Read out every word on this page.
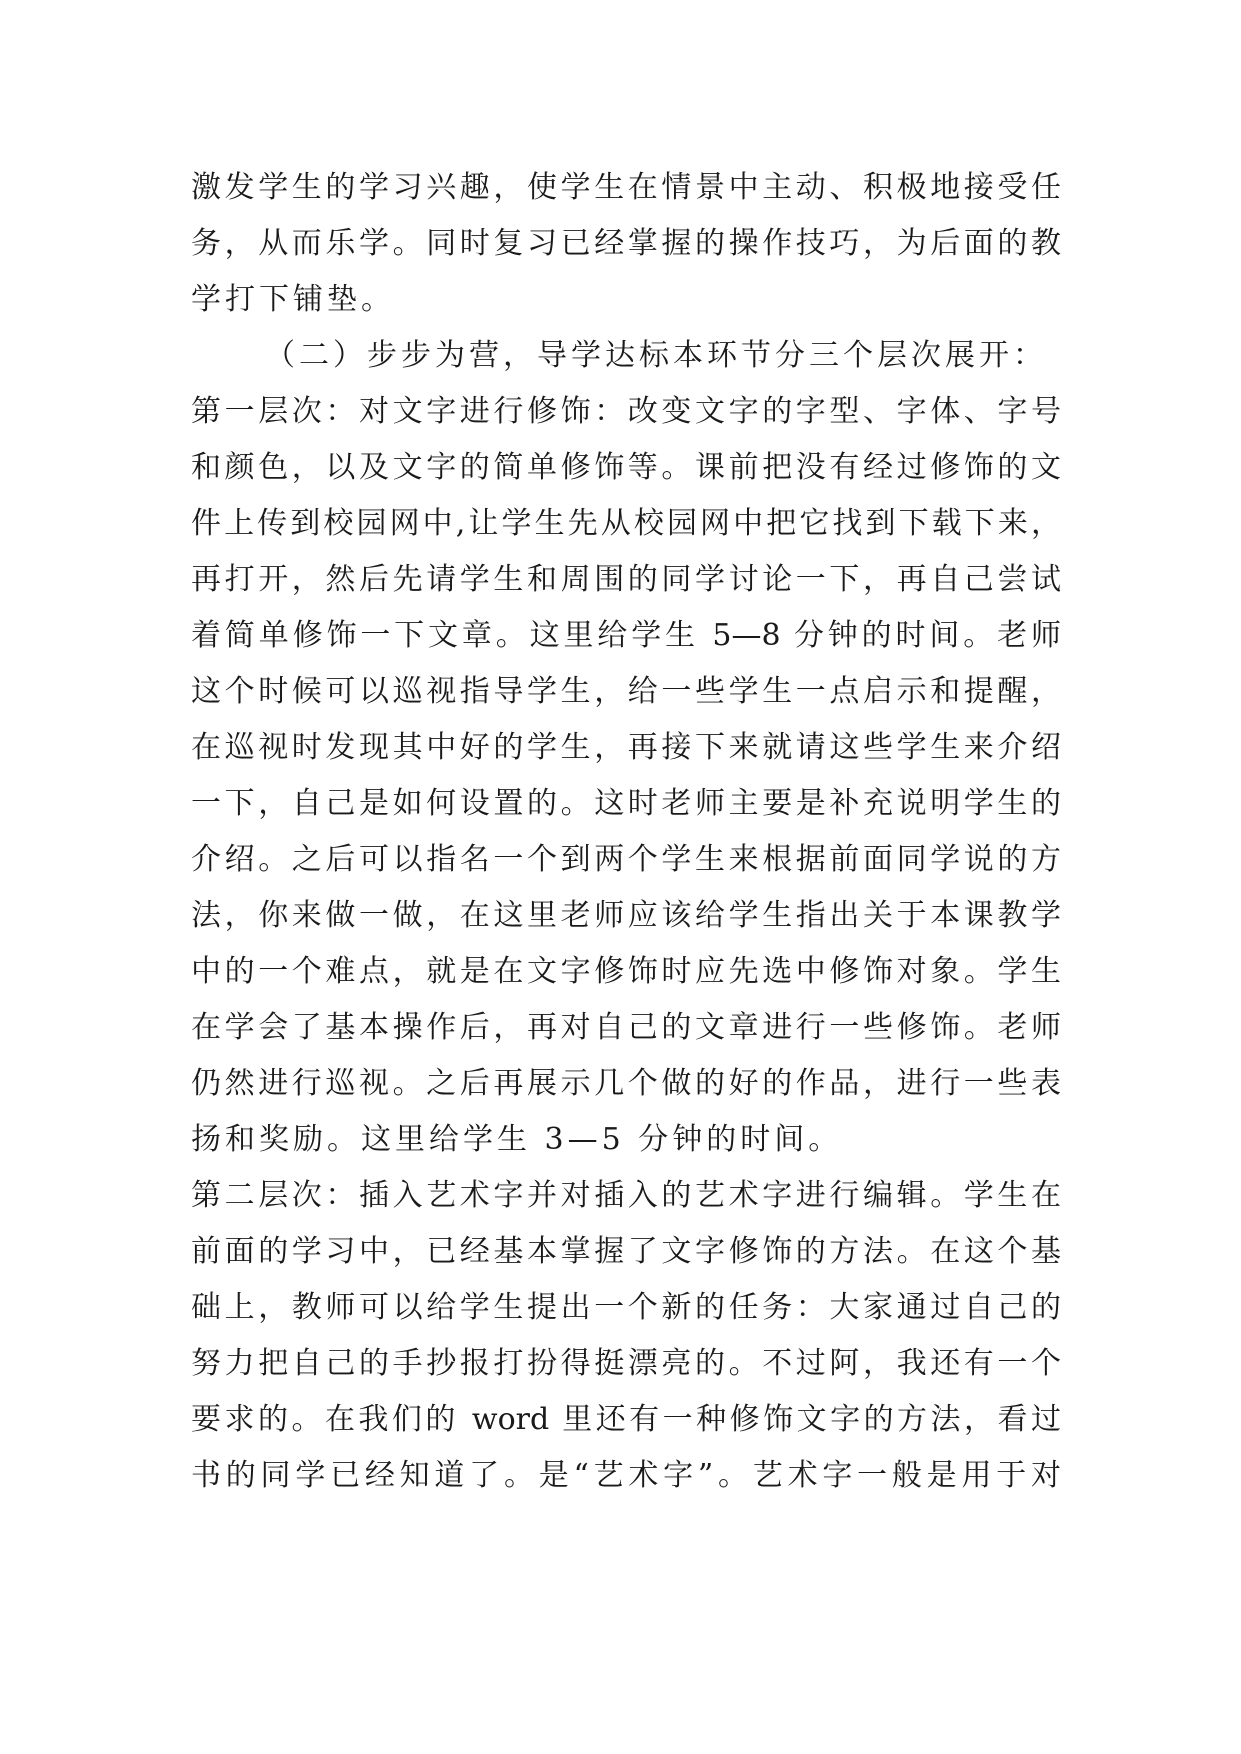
激发学生的学习兴趣，使学生在情景中主动、积极地接受任
务，从而乐学。同时复习已经掌握的操作技巧，为后面的教
学打下铺垫。
（二）步步为营，导学达标本环节分三个层次展开：
第一层次：对文字进行修饰：改变文字的字型、字体、字号
和颜色，以及文字的简单修饰等。课前把没有经过修饰的文
件上传到校园网中,让学生先从校园网中把它找到下载下来，
再打开，然后先请学生和周围的同学讨论一下，再自己尝试
着简单修饰一下文章。这里给学生 5—8 分钟的时间。老师
这个时候可以巡视指导学生，给一些学生一点启示和提醒，
在巡视时发现其中好的学生，再接下来就请这些学生来介绍
一下，自己是如何设置的。这时老师主要是补充说明学生的
介绍。之后可以指名一个到两个学生来根据前面同学说的方
法，你来做一做，在这里老师应该给学生指出关于本课教学
中的一个难点，就是在文字修饰时应先选中修饰对象。学生
在学会了基本操作后，再对自己的文章进行一些修饰。老师
仍然进行巡视。之后再展示几个做的好的作品，进行一些表
扬和奖励。这里给学生 3—5 分钟的时间。
第二层次：插入艺术字并对插入的艺术字进行编辑。学生在
前面的学习中，已经基本掌握了文字修饰的方法。在这个基
础上，教师可以给学生提出一个新的任务：大家通过自己的
努力把自己的手抄报打扮得挺漂亮的。不过阿，我还有一个
要求的。在我们的 word 里还有一种修饰文字的方法，看过
书的同学已经知道了。是“艺术字”。艺术字一般是用于对
